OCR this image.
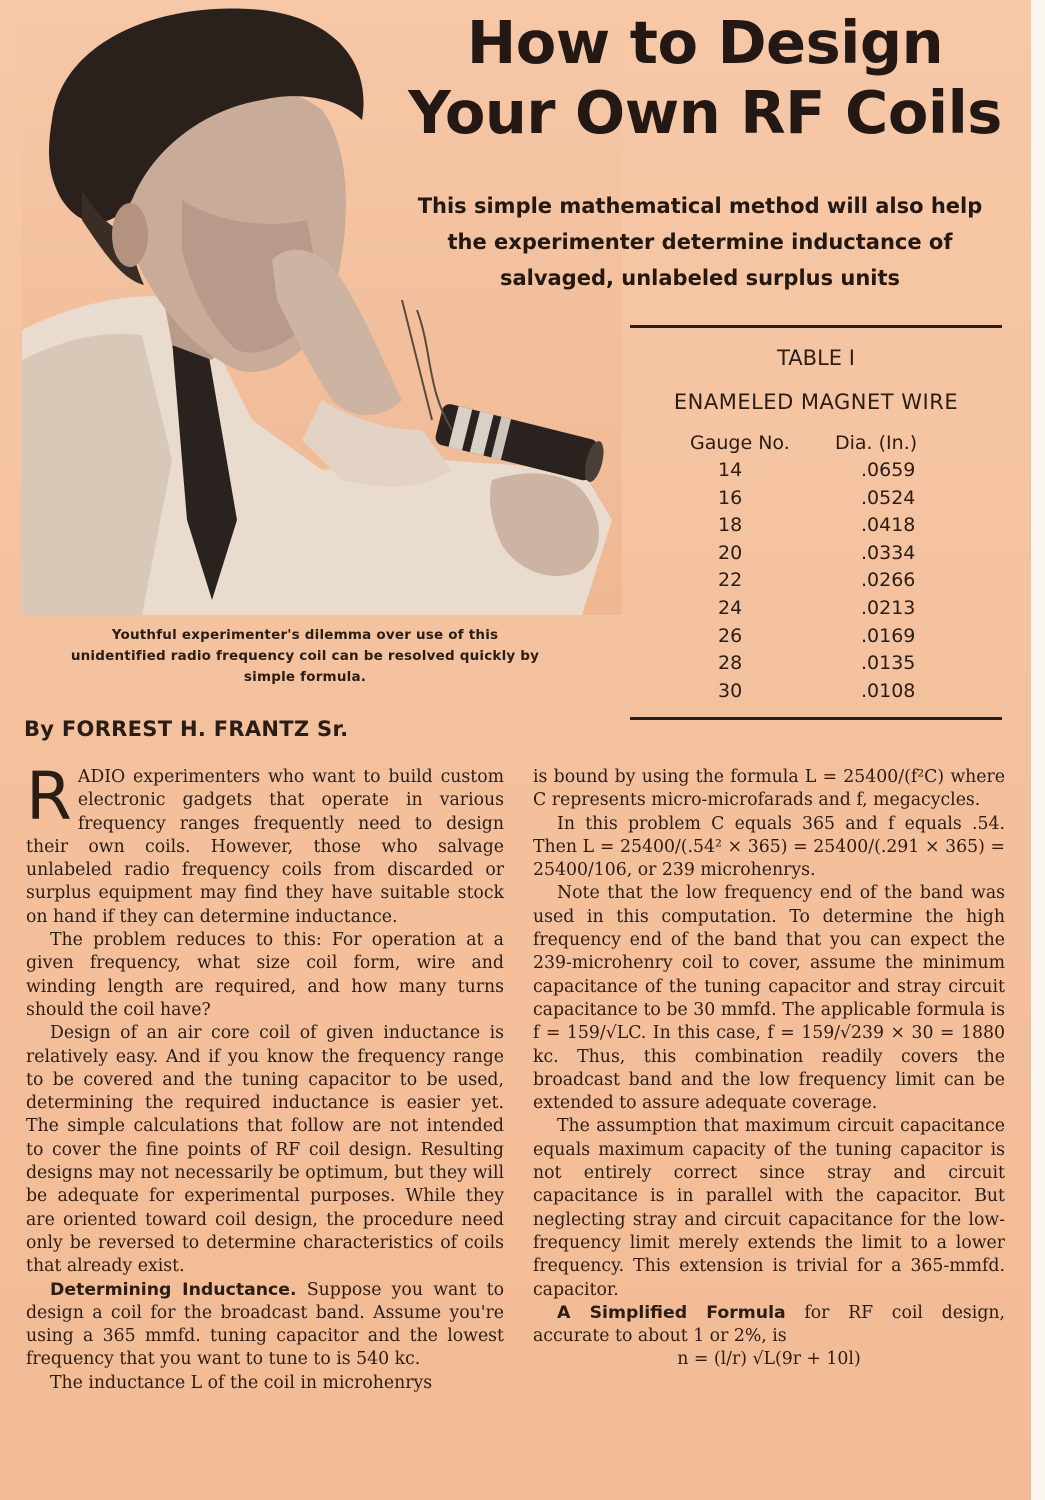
Youthful experimenter's dilemma over use of this unidentified radio frequency coil can be resolved quickly by simple formula.
How to Design
Your Own RF Coils
This simple mathematical method will also help the experimenter determine inductance of salvaged, unlabeled surplus units
TABLE I
ENAMELED MAGNET WIRE
Gauge No.	Dia. (In.)
14	.0659
16	.0524
18	.0418
20	.0334
22	.0266
24	.0213
26	.0169
28	.0135
30	.0108
By FORREST H. FRANTZ Sr.

RADIO experimenters who want to build custom electronic gadgets that operate in various frequency ranges frequently need to design their own coils. However, those who salvage unlabeled radio frequency coils from discarded or surplus equipment may find they have suitable stock on hand if they can determine inductance.

The problem reduces to this: For operation at a given frequency, what size coil form, wire and winding length are required, and how many turns should the coil have?

Design of an air core coil of given inductance is relatively easy. And if you know the frequency range to be covered and the tuning capacitor to be used, determining the required inductance is easier yet. The simple calculations that follow are not intended to cover the fine points of RF coil design. Resulting designs may not necessarily be optimum, but they will be adequate for experimental purposes. While they are oriented toward coil design, the procedure need only be reversed to determine characteristics of coils that already exist.

Determining Inductance. Suppose you want to design a coil for the broadcast band. Assume you're using a 365 mmfd. tuning capacitor and the lowest frequency that you want to tune to is 540 kc.

The inductance L of the coil in microhenrys

is bound by using the formula L = 25400/(f²C) where C represents micro-microfarads and f, megacycles.

In this problem C equals 365 and f equals .54. Then L = 25400/(.54² × 365) = 25400/(.291 × 365) = 25400/106, or 239 microhenrys.

Note that the low frequency end of the band was used in this computation. To determine the high frequency end of the band that you can expect the 239-microhenry coil to cover, assume the minimum capacitance of the tuning capacitor and stray circuit capacitance to be 30 mmfd. The applicable formula is f = 159/√LC. In this case, f = 159/√239 × 30 = 1880 kc. Thus, this combination readily covers the broadcast band and the low frequency limit can be extended to assure adequate coverage.

The assumption that maximum circuit capacitance equals maximum capacity of the tuning capacitor is not entirely correct since stray and circuit capacitance is in parallel with the capacitor. But neglecting stray and circuit capacitance for the low-frequency limit merely extends the limit to a lower frequency. This extension is trivial for a 365-mmfd. capacitor.

A Simplified Formula for RF coil design, accurate to about 1 or 2%, is

n = (l/r) √L(9r + 10l)
